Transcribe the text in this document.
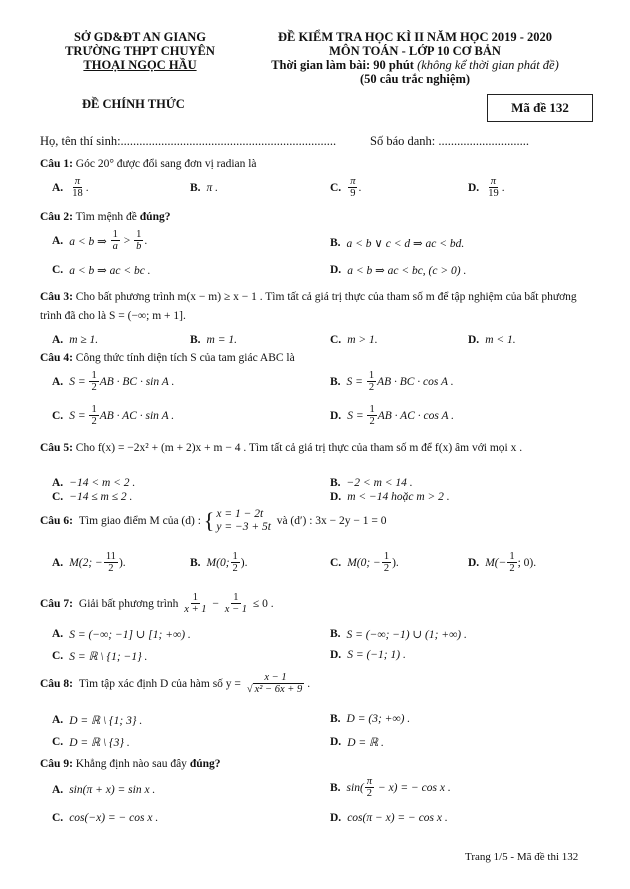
SỞ GD&ĐT AN GIANG
TRƯỜNG THPT CHUYÊN
THOẠI NGỌC HẦU
ĐỀ KIỂM TRA HỌC KÌ II NĂM HỌC 2019 - 2020
MÔN TOÁN - LỚP 10 CƠ BẢN
Thời gian làm bài: 90 phút (không kể thời gian phát đề)
(50 câu trắc nghiệm)
ĐỀ CHÍNH THỨC	Mã đề 132
Họ, tên thí sinh:.....................................................................	Số báo danh: .............................
Câu 1: Góc 20° được đổi sang đơn vị radian là
A. $\frac{\pi}{18}$ .	B. π .	C. $\frac{\pi}{9}$ .	D. $\frac{\pi}{19}$ .
Câu 2: Tìm mệnh đề đúng?
A. a < b ⇒
$\frac{1}{a}$
>
$\frac{1}{b}$ .	B. a < b ∨ c < d ⇒ ac < bd.
C. a < b ⇒ ac < bc .	D. a < b ⇒ ac < bc, (c > 0) .
Câu 3: Cho bất phương trình m(x − m) ≥ x − 1 . Tìm tất cả giá trị thực của tham số m để tập nghiệm của bất phương trình đã cho là S = (−∞; m + 1].
A. m ≥ 1.	B. m = 1.	C. m > 1.	D. m < 1.
Câu 4: Công thức tính diện tích S của tam giác ABC là
A. S =
$\frac{1}{2}$ AB · BC · sin A .	B. S =
$\frac{1}{2}$ AB · BC · cos A .
C. S =
$\frac{1}{2}$ AB · AC · sin A .	D. S =
$\frac{1}{2}$ AB · AC · cos A .
Câu 5: Cho f(x) = −2x² + (m + 2)x + m − 4 . Tìm tất cả giá trị thực của tham số m để f(x) âm với mọi x .
A. −14 < m < 2 .	B. −2 < m < 14 .
C. −14 ≤ m ≤ 2 .	D. m < −14 hoặc m > 2 .
Câu 6: Tìm giao điểm M của (d) :
{ x = 1 − 2t
y = −3 + 5t
và (d′) : 3x − 2y − 1 = 0
A. M(2; − $\frac{11}{2}$ ).	B. M(0; $\frac{1}{2}$ ).	C. M(0; − $\frac{1}{2}$ ).	D. $M(- \frac{1}{2}$ ; 0).
Câu 7: Giải bất phương trình
$\frac{1}{x + 1}$
−
$\frac{1}{x - 1}$
≤ 0 .
A. S = (−∞; −1] ∪ [1; +∞) .	B. S = (−∞; −1) ∪ (1; +∞) .
C. S = ℝ \ {1; −1} .	D. S = (−1; 1) .
Câu 8: Tìm tập xác định D của hàm số y =
$\frac{x - 1}{\text{√ x² − 6x + 9}}$ .
A. D = ℝ \ {1; 3} .	B. D = (3; +∞) .
C. D = ℝ \ {3} .	D. D = ℝ .
Câu 9: Khẳng định nào sau đây đúng?
A. sin(π + x) = sin x .	B. $\sin( \frac{\pi}{2}$
− x) = − cos x .
C. cos(−x) = − cos x .	D. cos(π − x) = − cos x .
Trang 1/5 - Mã đề thi 132
